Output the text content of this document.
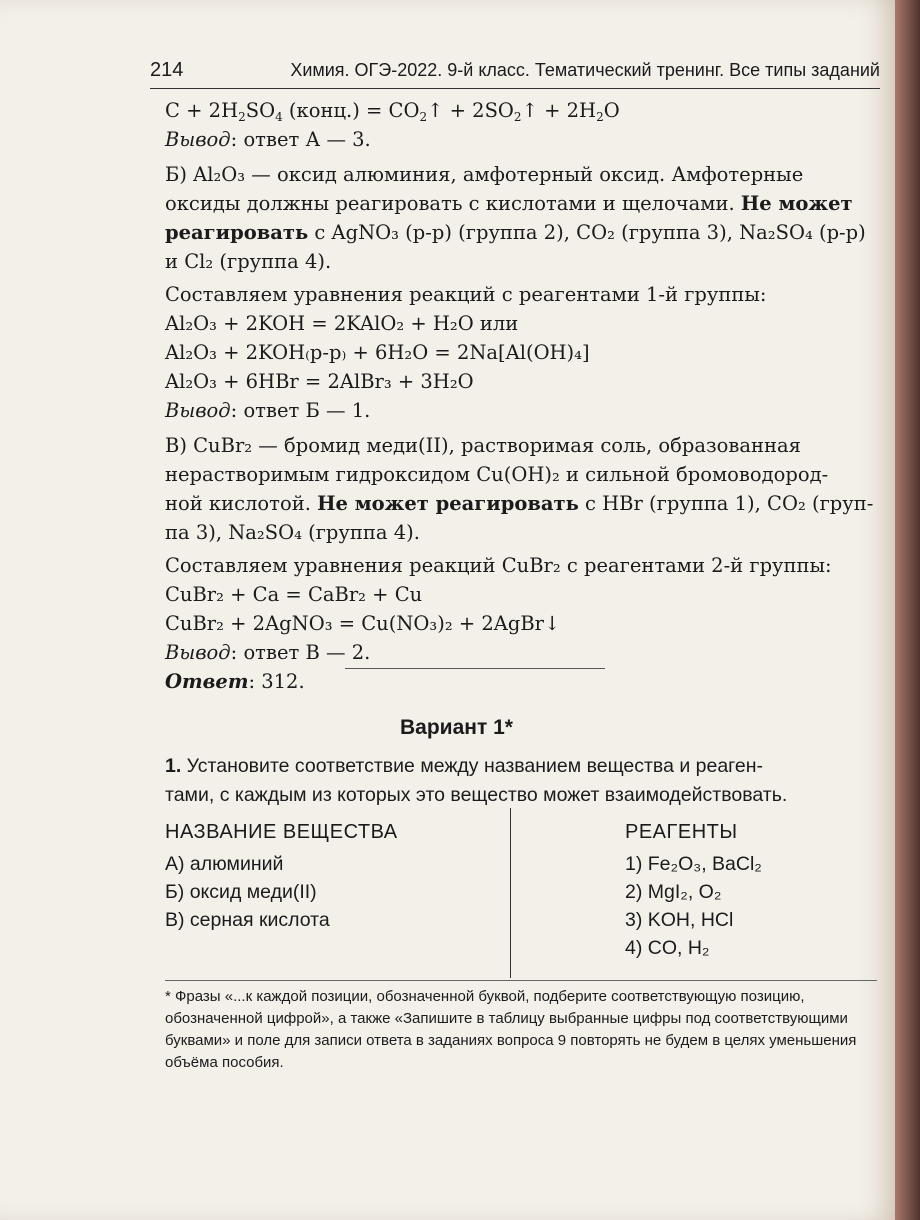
214	Химия. ОГЭ-2022. 9-й класс. Тематический тренинг. Все типы заданий
$C + 2H_2SO_4$ (конц.) = $CO_2↑$ + $2SO_2↑ + 2H_2O$
Вывод: ответ А — 3.
Б) Al₂O₃ — оксид алюминия, амфотерный оксид. Амфотерные
оксиды должны реагировать с кислотами и щелочами. Не может
реагировать с AgNO₃ (р-р) (группа 2), CO₂ (группа 3), Na₂SO₄ (р-р)
и Cl₂ (группа 4).
Составляем уравнения реакций с реагентами 1-й группы:
Al₂O₃ + 2KOH = 2KAlO₂ + H₂O или
Al₂O₃ + 2KOH₍р-р₎ + 6H₂O = 2Na[Al(OH)₄]
Al₂O₃ + 6HBr = 2AlBr₃ + 3H₂O
Вывод: ответ Б — 1.
В) CuBr₂ — бромид меди(II), растворимая соль, образованная
нерастворимым гидроксидом Cu(OH)₂ и сильной бромоводород-
ной кислотой. Не может реагировать с HBr (группа 1), CO₂ (груп-
па 3), Na₂SO₄ (группа 4).
Составляем уравнения реакций CuBr₂ с реагентами 2-й группы:
CuBr₂ + Ca = CaBr₂ + Cu
CuBr₂ + 2AgNO₃ = Cu(NO₃)₂ + 2AgBr↓
Вывод: ответ В — 2.
Ответ: 312.
Вариант 1*
1. Установите соответствие между названием вещества и реаген-
тами, с каждым из которых это вещество может взаимодействовать.
НАЗВАНИЕ ВЕЩЕСТВА
А) алюминий
Б) оксид меди(II)
В) серная кислота
РЕАГЕНТЫ
1) Fe₂O₃, BaCl₂
2) MgI₂, O₂
3) KOH, HCl
4) CO, H₂
* Фразы «...к каждой позиции, обозначенной буквой, подберите соответствующую позицию, обозначенной цифрой», а также «Запишите в таблицу выбранные цифры под соответствующими буквами» и поле для записи ответа в заданиях вопроса 9 повторять не будем в целях уменьшения объёма пособия.
